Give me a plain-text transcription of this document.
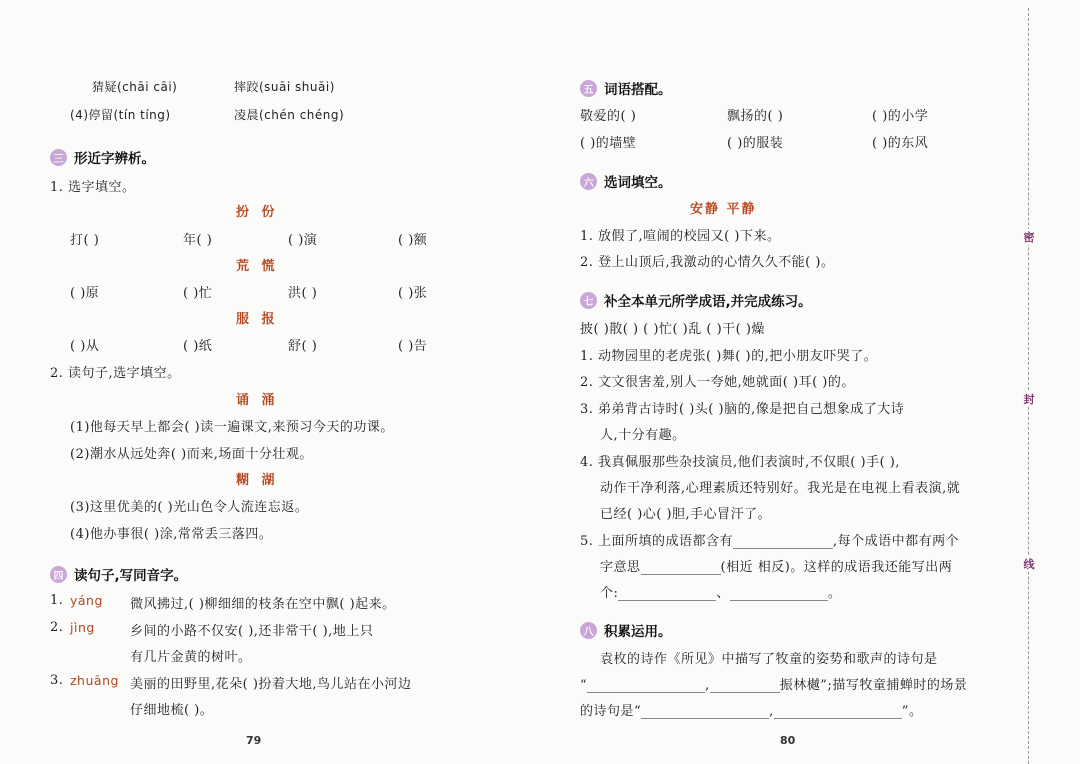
猜疑(chāi cāi)	摔跤(suāi shuāi)
(4)停留(tín tíng)	凌晨(chén chéng)
三 形近字辨析。
1. 选字填空。
扮 份
打( )	年( )	( )演	( )额
荒 慌
( )原	( )忙	洪( )	( )张
服 报
( )从	( )纸	舒( )	( )告
2. 读句子,选字填空。
诵 涌
(1)他每天早上都会( )读一遍课文,来预习今天的功课。
(2)潮水从远处奔( )而来,场面十分壮观。
糊 湖
(3)这里优美的( )光山色令人流连忘返。
(4)他办事很( )涂,常常丢三落四。
四 读句子,写同音字。
1. yáng 微风拂过,( )柳细细的枝条在空中飘( )起来。
2. jìng	乡间的小路不仅安( ),还非常干( ),地上只
有几片金黄的树叶。
3. zhuāng 美丽的田野里,花朵( )扮着大地,鸟儿站在小河边
仔细地梳( )。
79
五 词语搭配。
敬爱的( )	飘扬的( )	( )的小学
( )的墙壁	( )的服装	( )的东风
六 选词填空。
安静 平静
1. 放假了,喧闹的校园又( )下来。
2. 登上山顶后,我激动的心情久久不能( )。
七 补全本单元所学成语,并完成练习。
披( )散( ) ( )忙( )乱 ( )干( )燥
1. 动物园里的老虎张( )舞( )的,把小朋友吓哭了。
2. 文文很害羞,别人一夸她,她就面( )耳( )的。
3. 弟弟背古诗时( )头( )脑的,像是把自己想象成了大诗
人,十分有趣。
4. 我真佩服那些杂技演员,他们表演时,不仅眼( )手( ),
动作干净利落,心理素质还特别好。我光是在电视上看表演,就
已经( )心( )胆,手心冒汗了。
5. 上面所填的成语都含有	,每个成语中都有两个
字意思	(相近 相反)。这样的成语我还能写出两
个:	、	。
八 积累运用。
袁枚的诗作《所见》中描写了牧童的姿势和歌声的诗句是
“	,	振林樾”;描写牧童捕蝉时的场景
的诗句是“	,	”。
80
密
封
线
